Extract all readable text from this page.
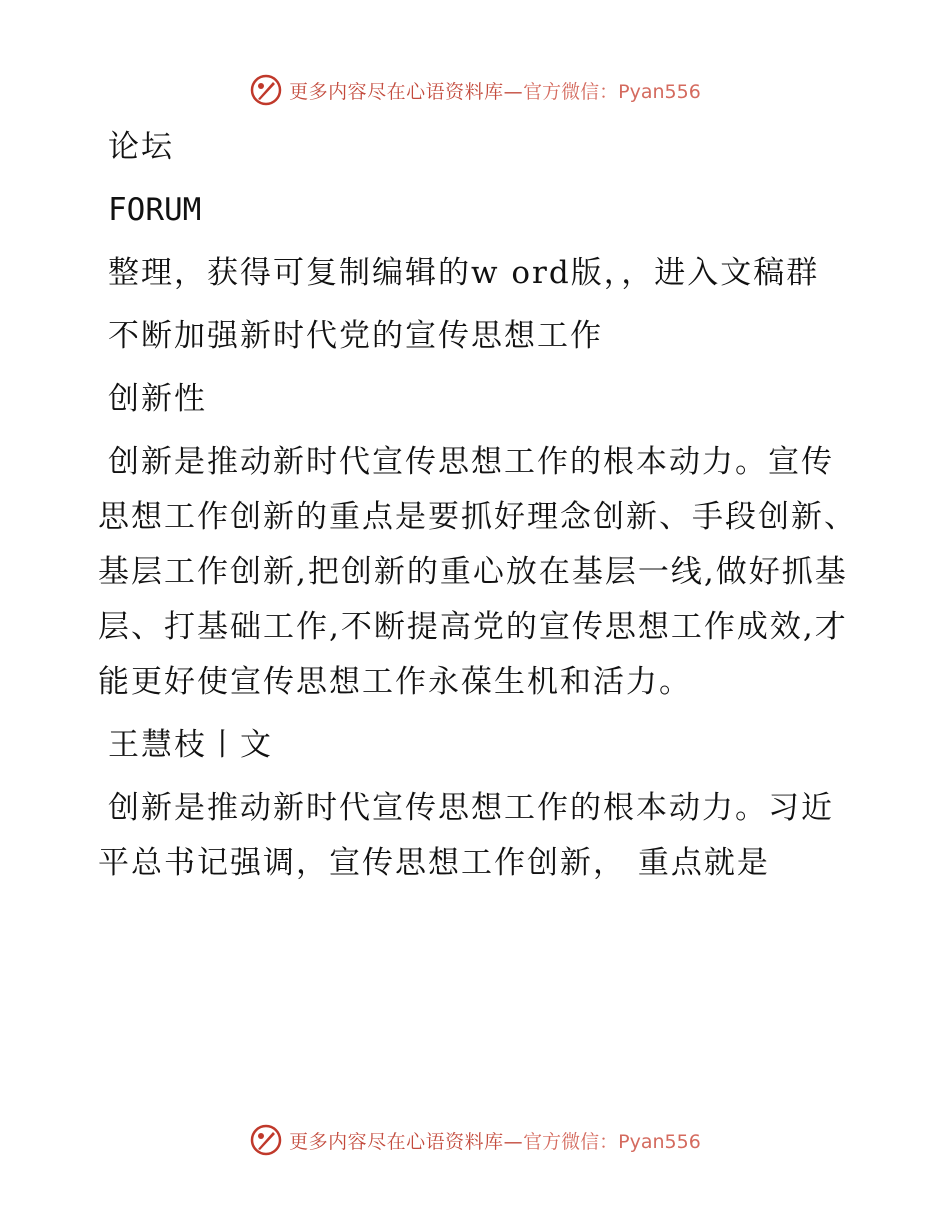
更多内容尽在心语资料库— 官方微信：Pyan556

论坛

FORUM

整理，获得可复制编辑的w ord版，，进入文稿群

不断加强新时代党的宣传思想工作

创新性

创新是推动新时代宣传思想工作的根本动力。宣传思想工作创新的重点是要抓好理念创新、手段创新、基层工作创新,把创新的重心放在基层一线,做好抓基层、打基础工作,不断提高党的宣传思想工作成效,才能更好使宣传思想工作永葆生机和活力。

王慧枝丨文

创新是推动新时代宣传思想工作的根本动力。习近平总书记强调，宣传思想工作创新， 重点就是

更多内容尽在心语资料库— 官方微信：Pyan556
